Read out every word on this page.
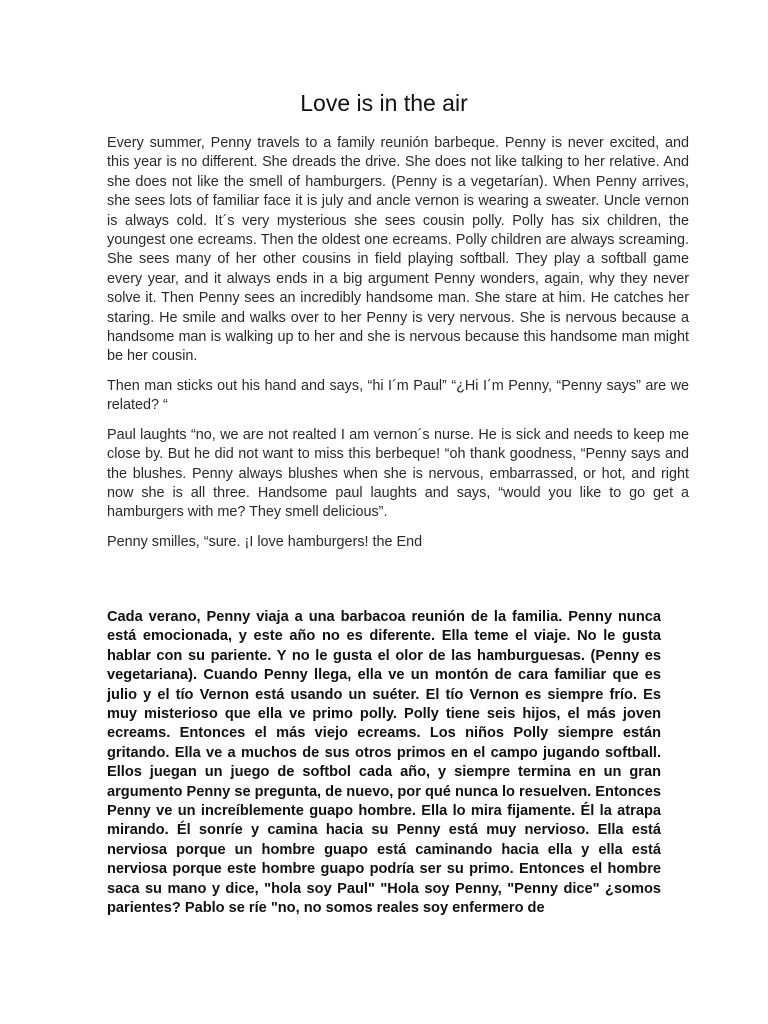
Love is in the air

Every summer, Penny travels to a family reunión barbeque. Penny is never excited, and this year is no different. She dreads the drive. She does not like talking to her relative. And she does not like the smell of hamburgers. (Penny is a vegetarían). When Penny arrives, she sees lots of familiar face it is july and ancle vernon is wearing a sweater. Uncle vernon is always cold. It´s very mysterious she sees cousin polly. Polly has six children, the youngest one ecreams. Then the oldest one ecreams. Polly children are always screaming. She sees many of her other cousins in field playing softball. They play a softball game every year, and it always ends in a big argument Penny wonders, again, why they never solve it. Then Penny sees an incredibly handsome man. She stare at him. He catches her staring. He smile and walks over to her Penny is very nervous. She is nervous because a handsome man is walking up to her and she is nervous because this handsome man might be her cousin.

Then man sticks out his hand and says, “hi I´m Paul” “¿Hi I´m Penny, “Penny says” are we related? “

Paul laughts “no, we are not realted I am vernon´s nurse. He is sick and needs to keep me close by. But he did not want to miss this berbeque! “oh thank goodness, “Penny says and the blushes. Penny always blushes when she is nervous, embarrassed, or hot, and right now she is all three. Handsome paul laughts and says, “would you like to go get a hamburgers with me? They smell delicious”.

Penny smilles, “sure. ¡I love hamburgers! the End

Cada verano, Penny viaja a una barbacoa reunión de la familia. Penny nunca está emocionada, y este año no es diferente. Ella teme el viaje. No le gusta hablar con su pariente. Y no le gusta el olor de las hamburguesas. (Penny es vegetariana). Cuando Penny llega, ella ve un montón de cara familiar que es julio y el tío Vernon está usando un suéter. El tío Vernon es siempre frío. Es muy misterioso que ella ve primo polly. Polly tiene seis hijos, el más joven ecreams. Entonces el más viejo ecreams. Los niños Polly siempre están gritando. Ella ve a muchos de sus otros primos en el campo jugando softball. Ellos juegan un juego de softbol cada año, y siempre termina en un gran argumento Penny se pregunta, de nuevo, por qué nunca lo resuelven. Entonces Penny ve un increíblemente guapo hombre. Ella lo mira fijamente. Él la atrapa mirando. Él sonríe y camina hacia su Penny está muy nervioso. Ella está nerviosa porque un hombre guapo está caminando hacia ella y ella está nerviosa porque este hombre guapo podría ser su primo. Entonces el hombre saca su mano y dice, "hola soy Paul" "Hola soy Penny, "Penny dice" ¿somos parientes? Pablo se ríe "no, no somos reales soy enfermero de
